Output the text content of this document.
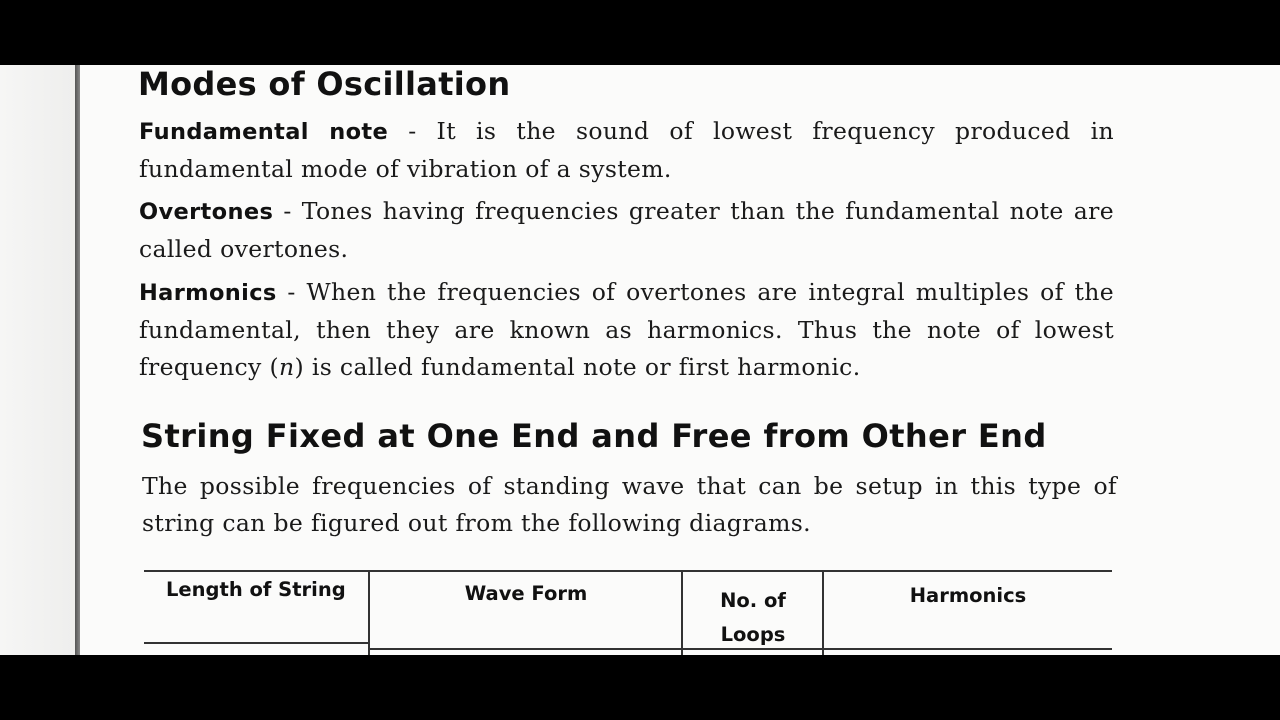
Modes of Oscillation
Fundamental note - It is the sound of lowest frequency produced in fundamental mode of vibration of a system.
Overtones - Tones having frequencies greater than the fundamental note are called overtones.
Harmonics - When the frequencies of overtones are integral multiples of the fundamental, then they are known as harmonics. Thus the note of lowest frequency (n) is called fundamental note or first harmonic.
String Fixed at One End and Free from Other End
The possible frequencies of standing wave that can be setup in this type of string can be figured out from the following diagrams.
Length of String	Wave Form	No. of
Loops
Harmonics
